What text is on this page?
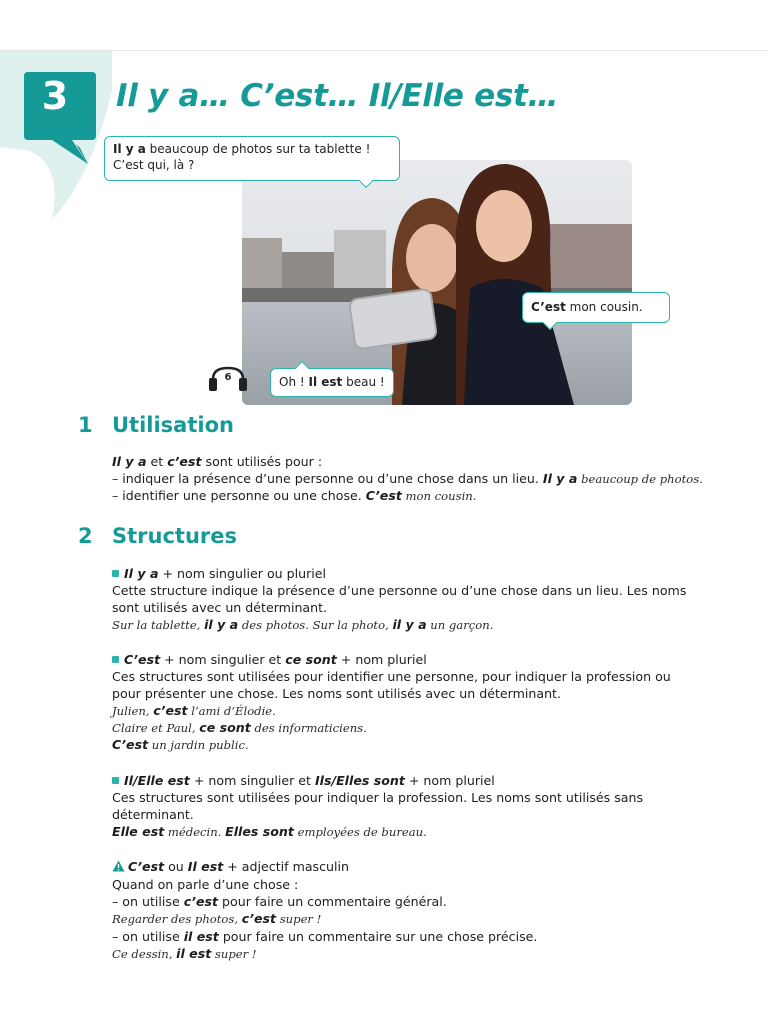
3	Il y a… C’est… Il/Elle est…
Il y a beaucoup de photos sur ta tablette !
C’est qui, là ?
C’est mon cousin.
6	Oh ! Il est beau !
1 Utilisation
Il y a et c’est sont utilisés pour :
– indiquer la présence d’une personne ou d’une chose dans un lieu. Il y a beaucoup de photos.
– identifier une personne ou une chose. C’est mon cousin.
2 Structures
Il y a + nom singulier ou pluriel
Cette structure indique la présence d’une personne ou d’une chose dans un lieu. Les noms
sont utilisés avec un déterminant.
Sur la tablette, il y a des photos. Sur la photo, il y a un garçon.
C’est + nom singulier et ce sont + nom pluriel
Ces structures sont utilisées pour identifier une personne, pour indiquer la profession ou
pour présenter une chose. Les noms sont utilisés avec un déterminant.
Julien, c’est l’ami d’Élodie.
Claire et Paul, ce sont des informaticiens.
C’est un jardin public.
Il/Elle est + nom singulier et Ils/Elles sont + nom pluriel
Ces structures sont utilisées pour indiquer la profession. Les noms sont utilisés sans
déterminant.
Elle est médecin. Elles sont employées de bureau.
C’est ou Il est + adjectif masculin
Quand on parle d’une chose :
– on utilise c’est pour faire un commentaire général.
Regarder des photos, c’est super !
– on utilise il est pour faire un commentaire sur une chose précise.
Ce dessin, il est super !
